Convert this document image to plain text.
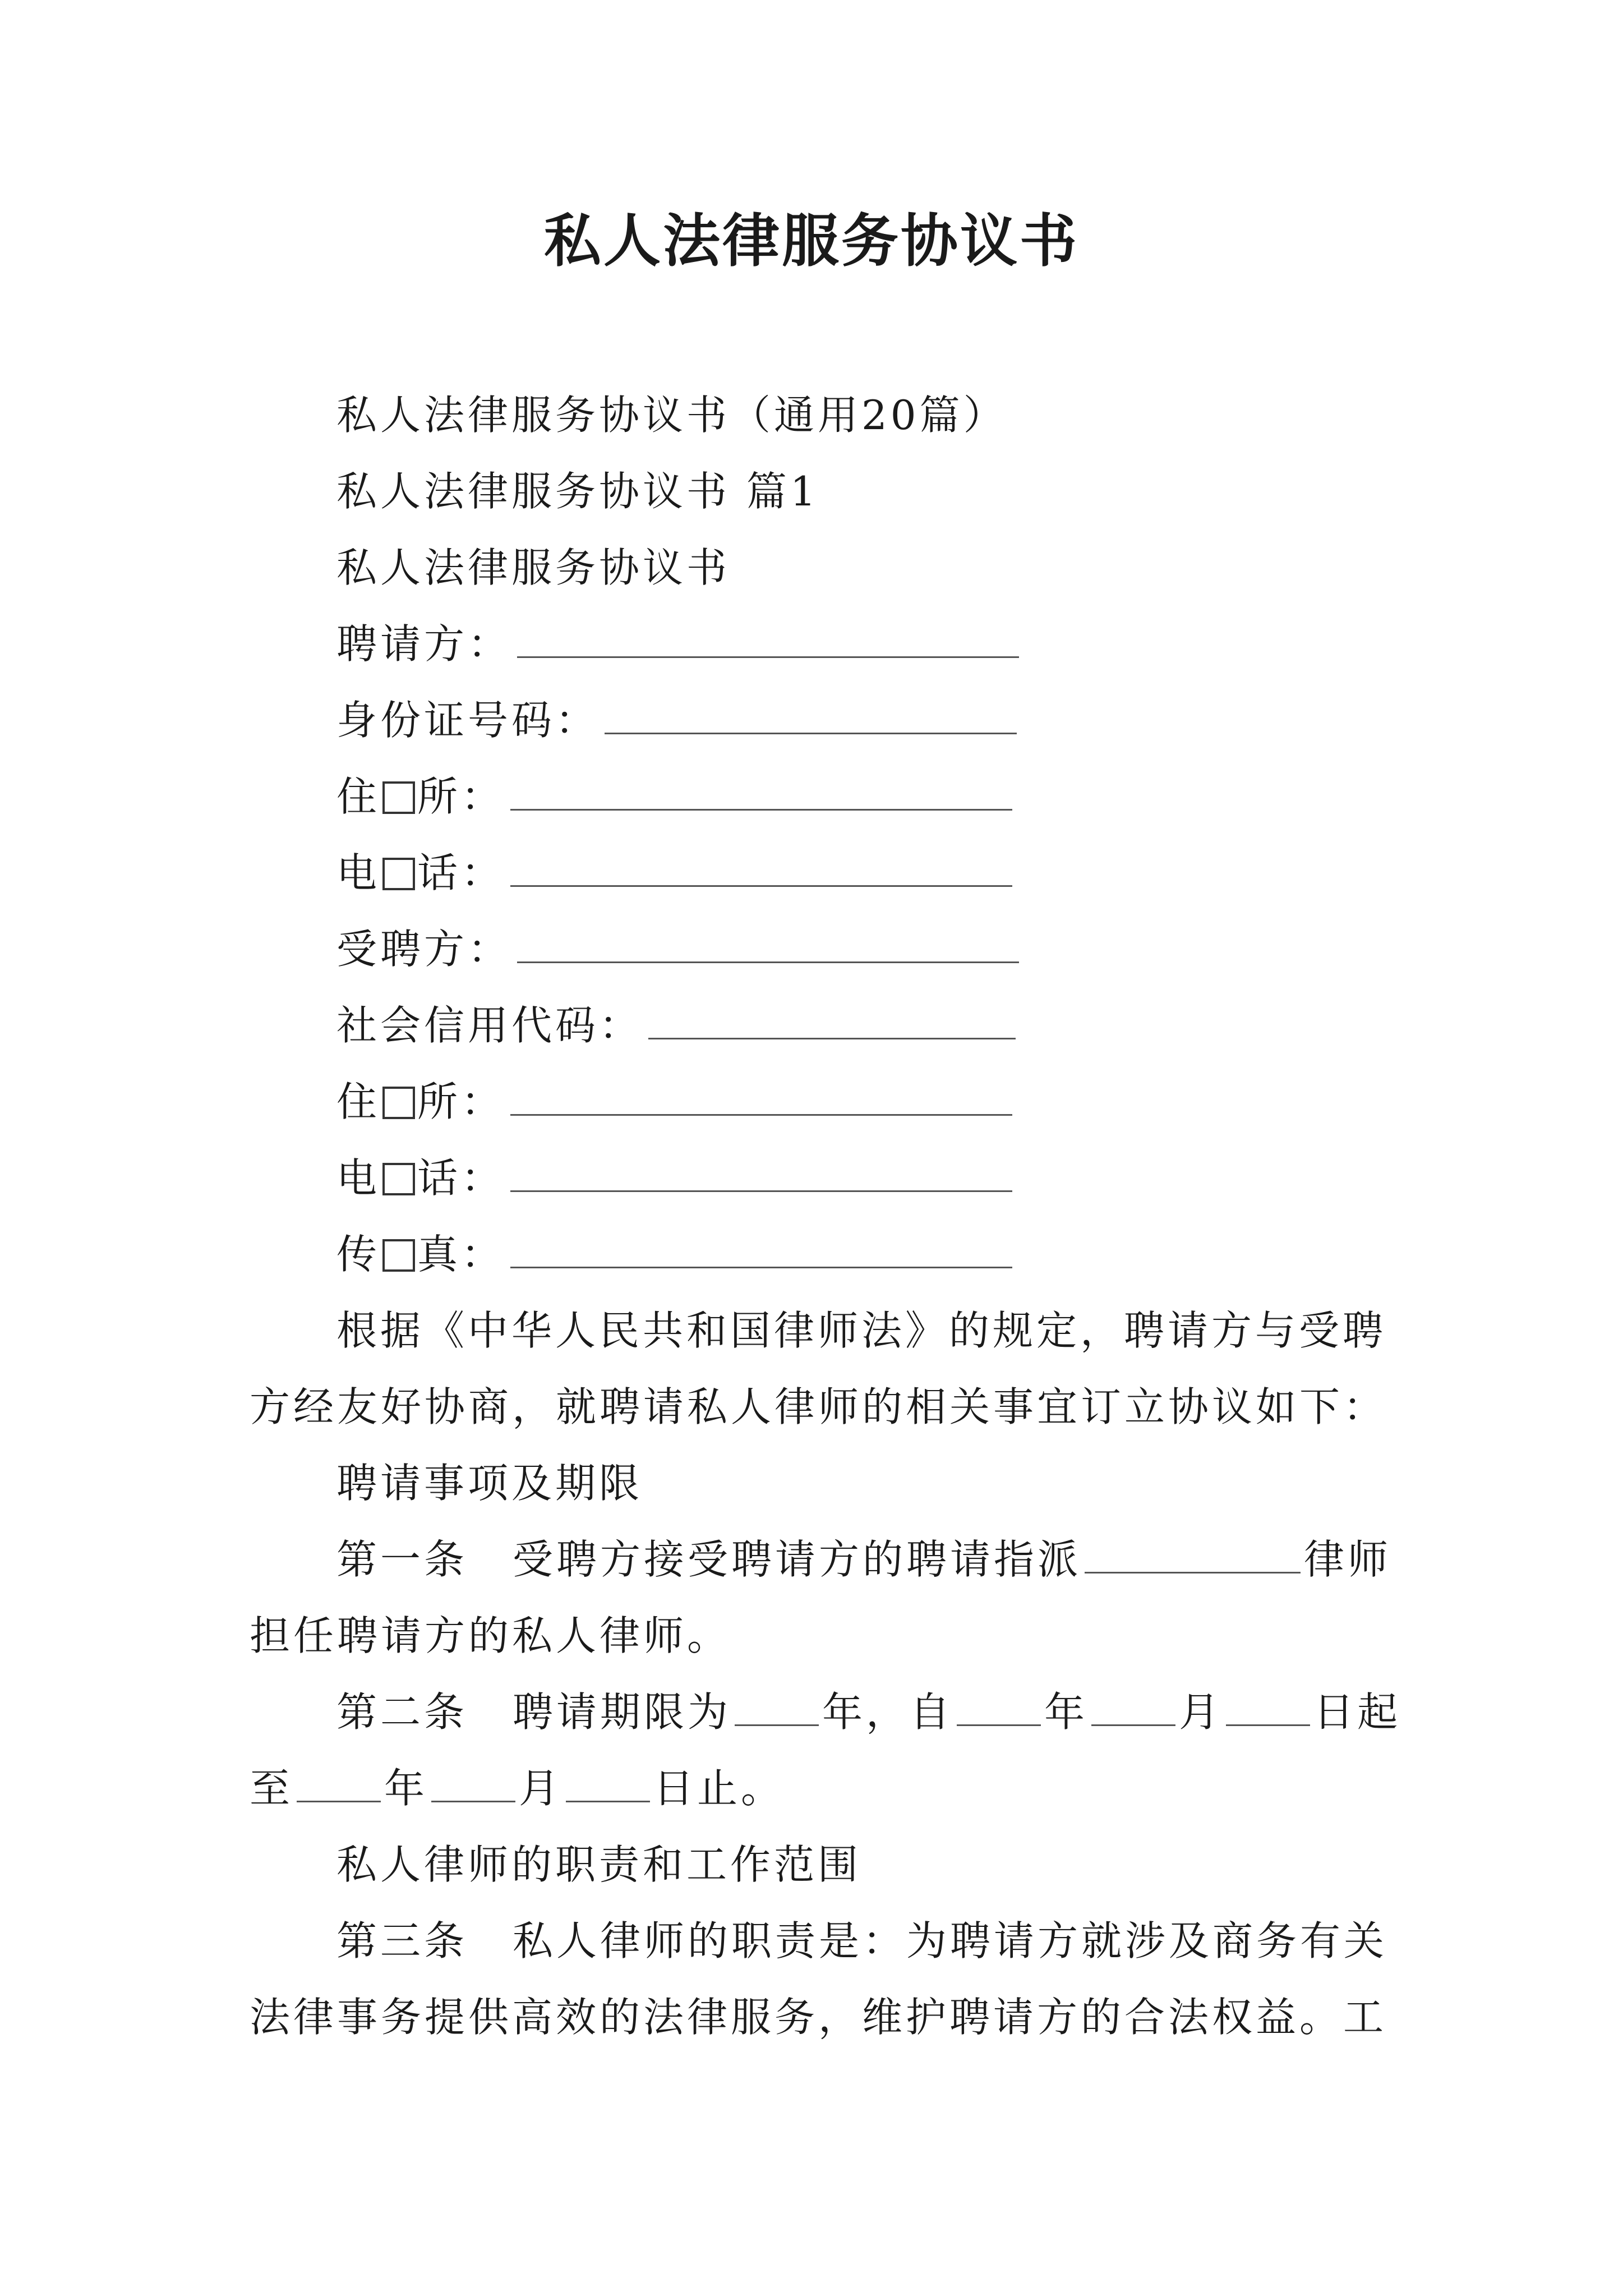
私人法律服务协议书
私人法律服务协议书（通用20篇）
私人法律服务协议书 篇1
私人法律服务协议书
聘请方：
身份证号码：
住 所：
电 话：
受聘方：
社会信用代码：
住 所：
电 话：
传 真：
根据《中华人民共和国律师法》的规定，聘请方与受聘
方经友好协商，就聘请私人律师的相关事宜订立协议如下：
聘请事项及期限
第一条 受聘方接受聘请方的聘请指派	律师
担任聘请方的私人律师。
第二条 聘请期限为 年，自 年 月 日起
至 年 月 日止。
私人律师的职责和工作范围
第三条 私人律师的职责是：为聘请方就涉及商务有关
法律事务提供高效的法律服务，维护聘请方的合法权益。工
